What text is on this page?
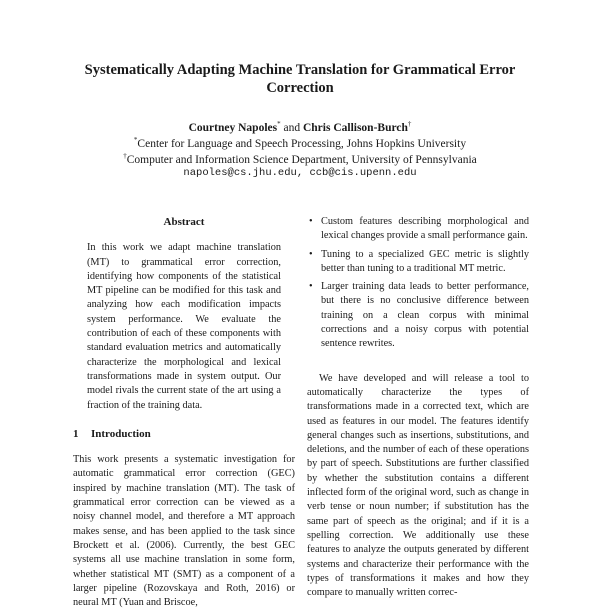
Systematically Adapting Machine Translation for Grammatical Error Correction
Courtney Napoles* and Chris Callison-Burch†
*Center for Language and Speech Processing, Johns Hopkins University
†Computer and Information Science Department, University of Pennsylvania
napoles@cs.jhu.edu, ccb@cis.upenn.edu
Abstract

In this work we adapt machine translation (MT) to grammatical error correction, identifying how components of the statistical MT pipeline can be modified for this task and analyzing how each modification impacts system performance. We evaluate the contribution of each of these components with standard evaluation metrics and automatically characterize the morphological and lexical transformations made in system output. Our model rivals the current state of the art using a fraction of the training data.

1 Introduction

This work presents a systematic investigation for automatic grammatical error correction (GEC) inspired by machine translation (MT). The task of grammatical error correction can be viewed as a noisy channel model, and therefore a MT approach makes sense, and has been applied to the task since Brockett et al. (2006). Currently, the best GEC systems all use machine translation in some form, whether statistical MT (SMT) as a component of a larger pipeline (Rozovskaya and Roth, 2016) or neural MT (Yuan and Briscoe,

• Custom features describing morphological and lexical changes provide a small performance gain.
• Tuning to a specialized GEC metric is slightly better than tuning to a traditional MT metric.
• Larger training data leads to better performance, but there is no conclusive difference between training on a clean corpus with minimal corrections and a noisy corpus with potential sentence rewrites.

We have developed and will release a tool to automatically characterize the types of transformations made in a corrected text, which are used as features in our model. The features identify general changes such as insertions, substitutions, and deletions, and the number of each of these operations by part of speech. Substitutions are further classified by whether the substitution contains a different inflected form of the original word, such as change in verb tense or noun number; if substitution has the same part of speech as the original; and if it is a spelling correction. We additionally use these features to analyze the outputs generated by different systems and characterize their performance with the types of transformations it makes and how they compare to manually written correc-
